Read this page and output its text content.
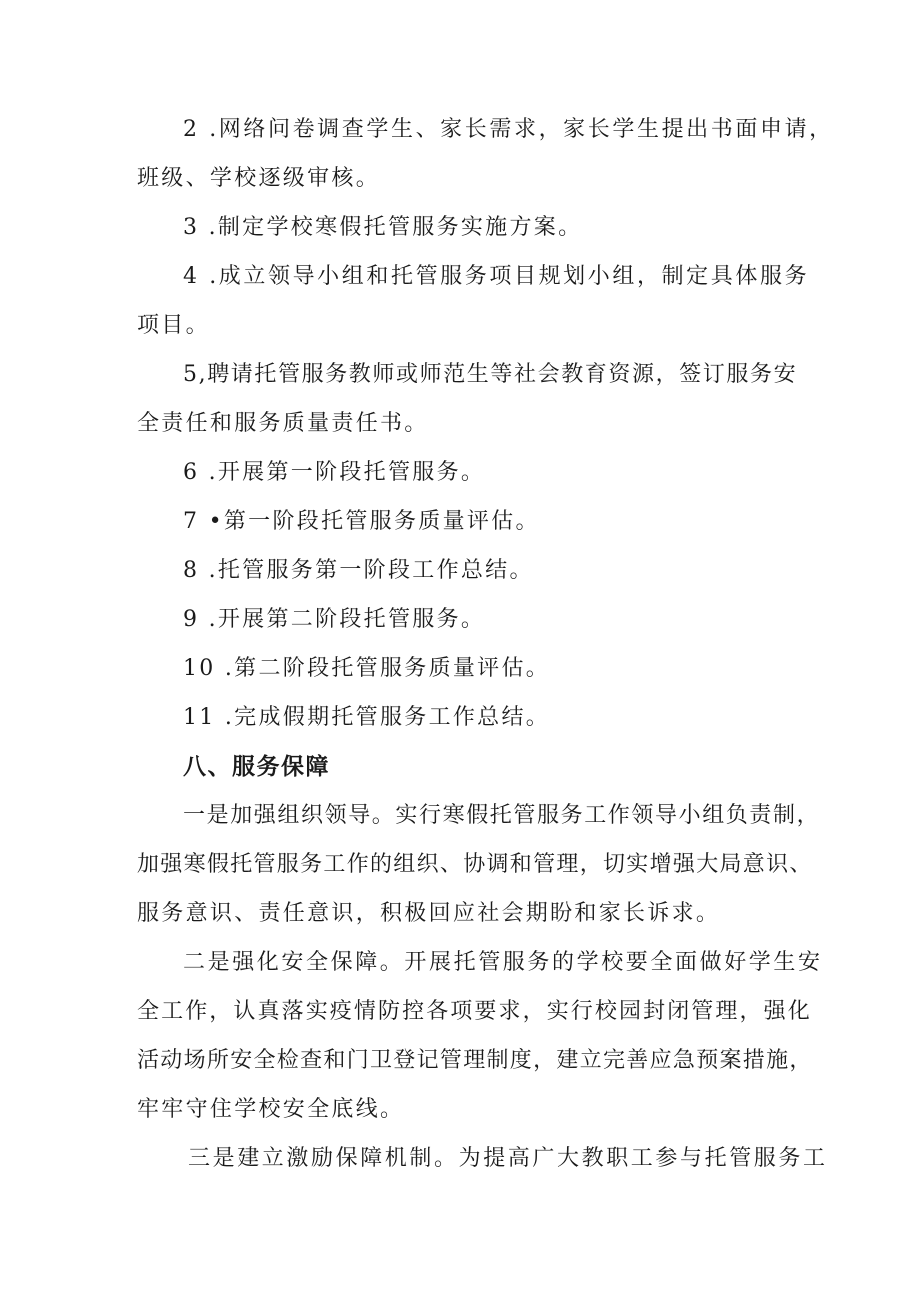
2 .网络问卷调查学生、家长需求，家长学生提出书面申请，
班级、学校逐级审核。
3 .制定学校寒假托管服务实施方案。
4 .成立领导小组和托管服务项目规划小组，制定具体服务
项目。
5,聘请托管服务教师或师范生等社会教育资源，签订服务安
全责任和服务质量责任书。
6 .开展第一阶段托管服务。
7 •第一阶段托管服务质量评估。
8 .托管服务第一阶段工作总结。
9 .开展第二阶段托管服务。
10 .第二阶段托管服务质量评估。
11 .完成假期托管服务工作总结。
八、服务保障
一是加强组织领导。实行寒假托管服务工作领导小组负责制，
加强寒假托管服务工作的组织、协调和管理，切实增强大局意识、
服务意识、责任意识，积极回应社会期盼和家长诉求。
二是强化安全保障。开展托管服务的学校要全面做好学生安
全工作，认真落实疫情防控各项要求，实行校园封闭管理，强化
活动场所安全检查和门卫登记管理制度，建立完善应急预案措施，
牢牢守住学校安全底线。
三是建立激励保障机制。为提高广大教职工参与托管服务工
